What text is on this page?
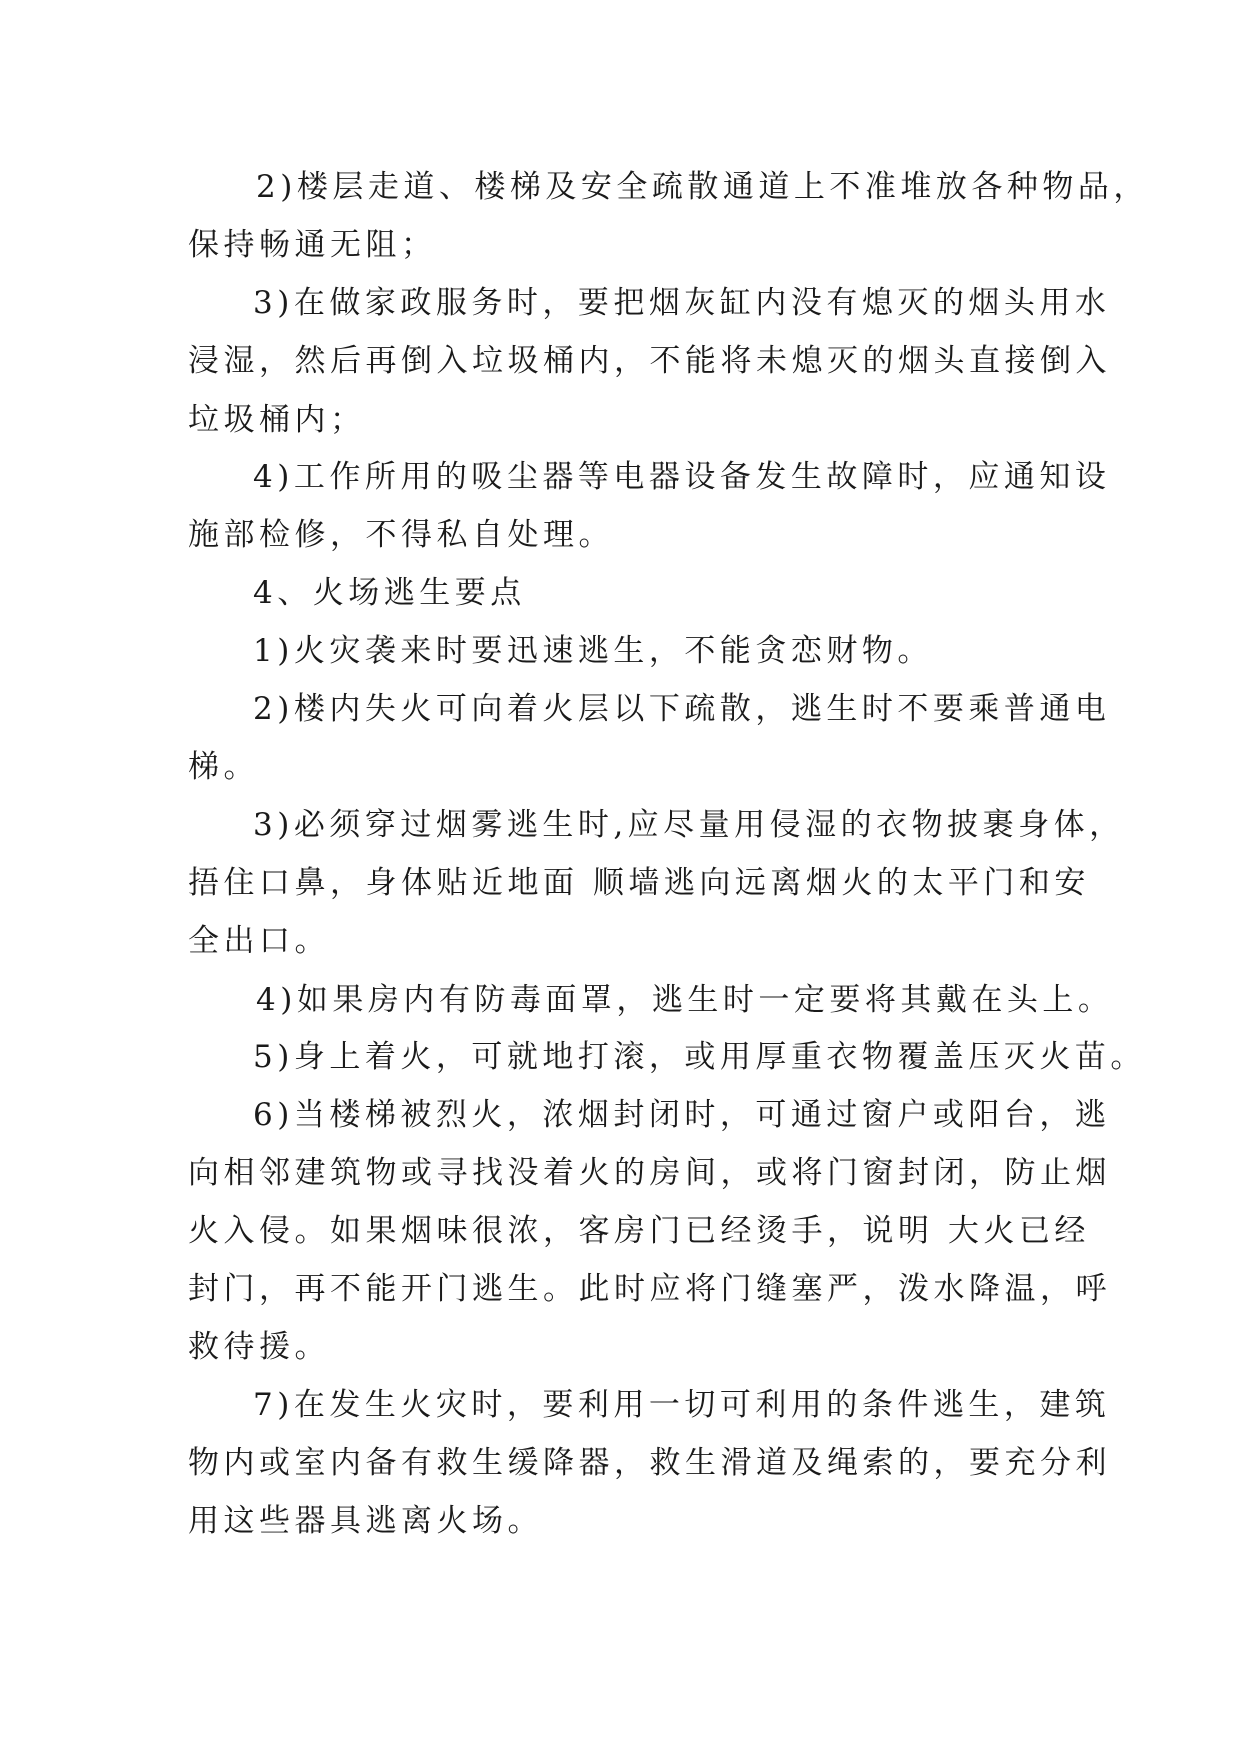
2)楼层走道、楼梯及安全疏散通道上不准堆放各种物品，
保持畅通无阻；
3)在做家政服务时，要把烟灰缸内没有熄灭的烟头用水
浸湿，然后再倒入垃圾桶内，不能将未熄灭的烟头直接倒入
垃圾桶内；
4)工作所用的吸尘器等电器设备发生故障时，应通知设
施部检修，不得私自处理。
4、火场逃生要点
1)火灾袭来时要迅速逃生，不能贪恋财物。
2)楼内失火可向着火层以下疏散，逃生时不要乘普通电
梯。
3)必须穿过烟雾逃生时,应尽量用侵湿的衣物披裹身体，
捂住口鼻，身体贴近地面 顺墙逃向远离烟火的太平门和安
全出口。
4)如果房内有防毒面罩，逃生时一定要将其戴在头上。
5)身上着火，可就地打滚，或用厚重衣物覆盖压灭火苗。
6)当楼梯被烈火，浓烟封闭时，可通过窗户或阳台，逃
向相邻建筑物或寻找没着火的房间，或将门窗封闭，防止烟
火入侵。如果烟味很浓，客房门已经烫手，说明 大火已经
封门，再不能开门逃生。此时应将门缝塞严，泼水降温，呼
救待援。
7)在发生火灾时，要利用一切可利用的条件逃生，建筑
物内或室内备有救生缓降器，救生滑道及绳索的，要充分利
用这些器具逃离火场。
